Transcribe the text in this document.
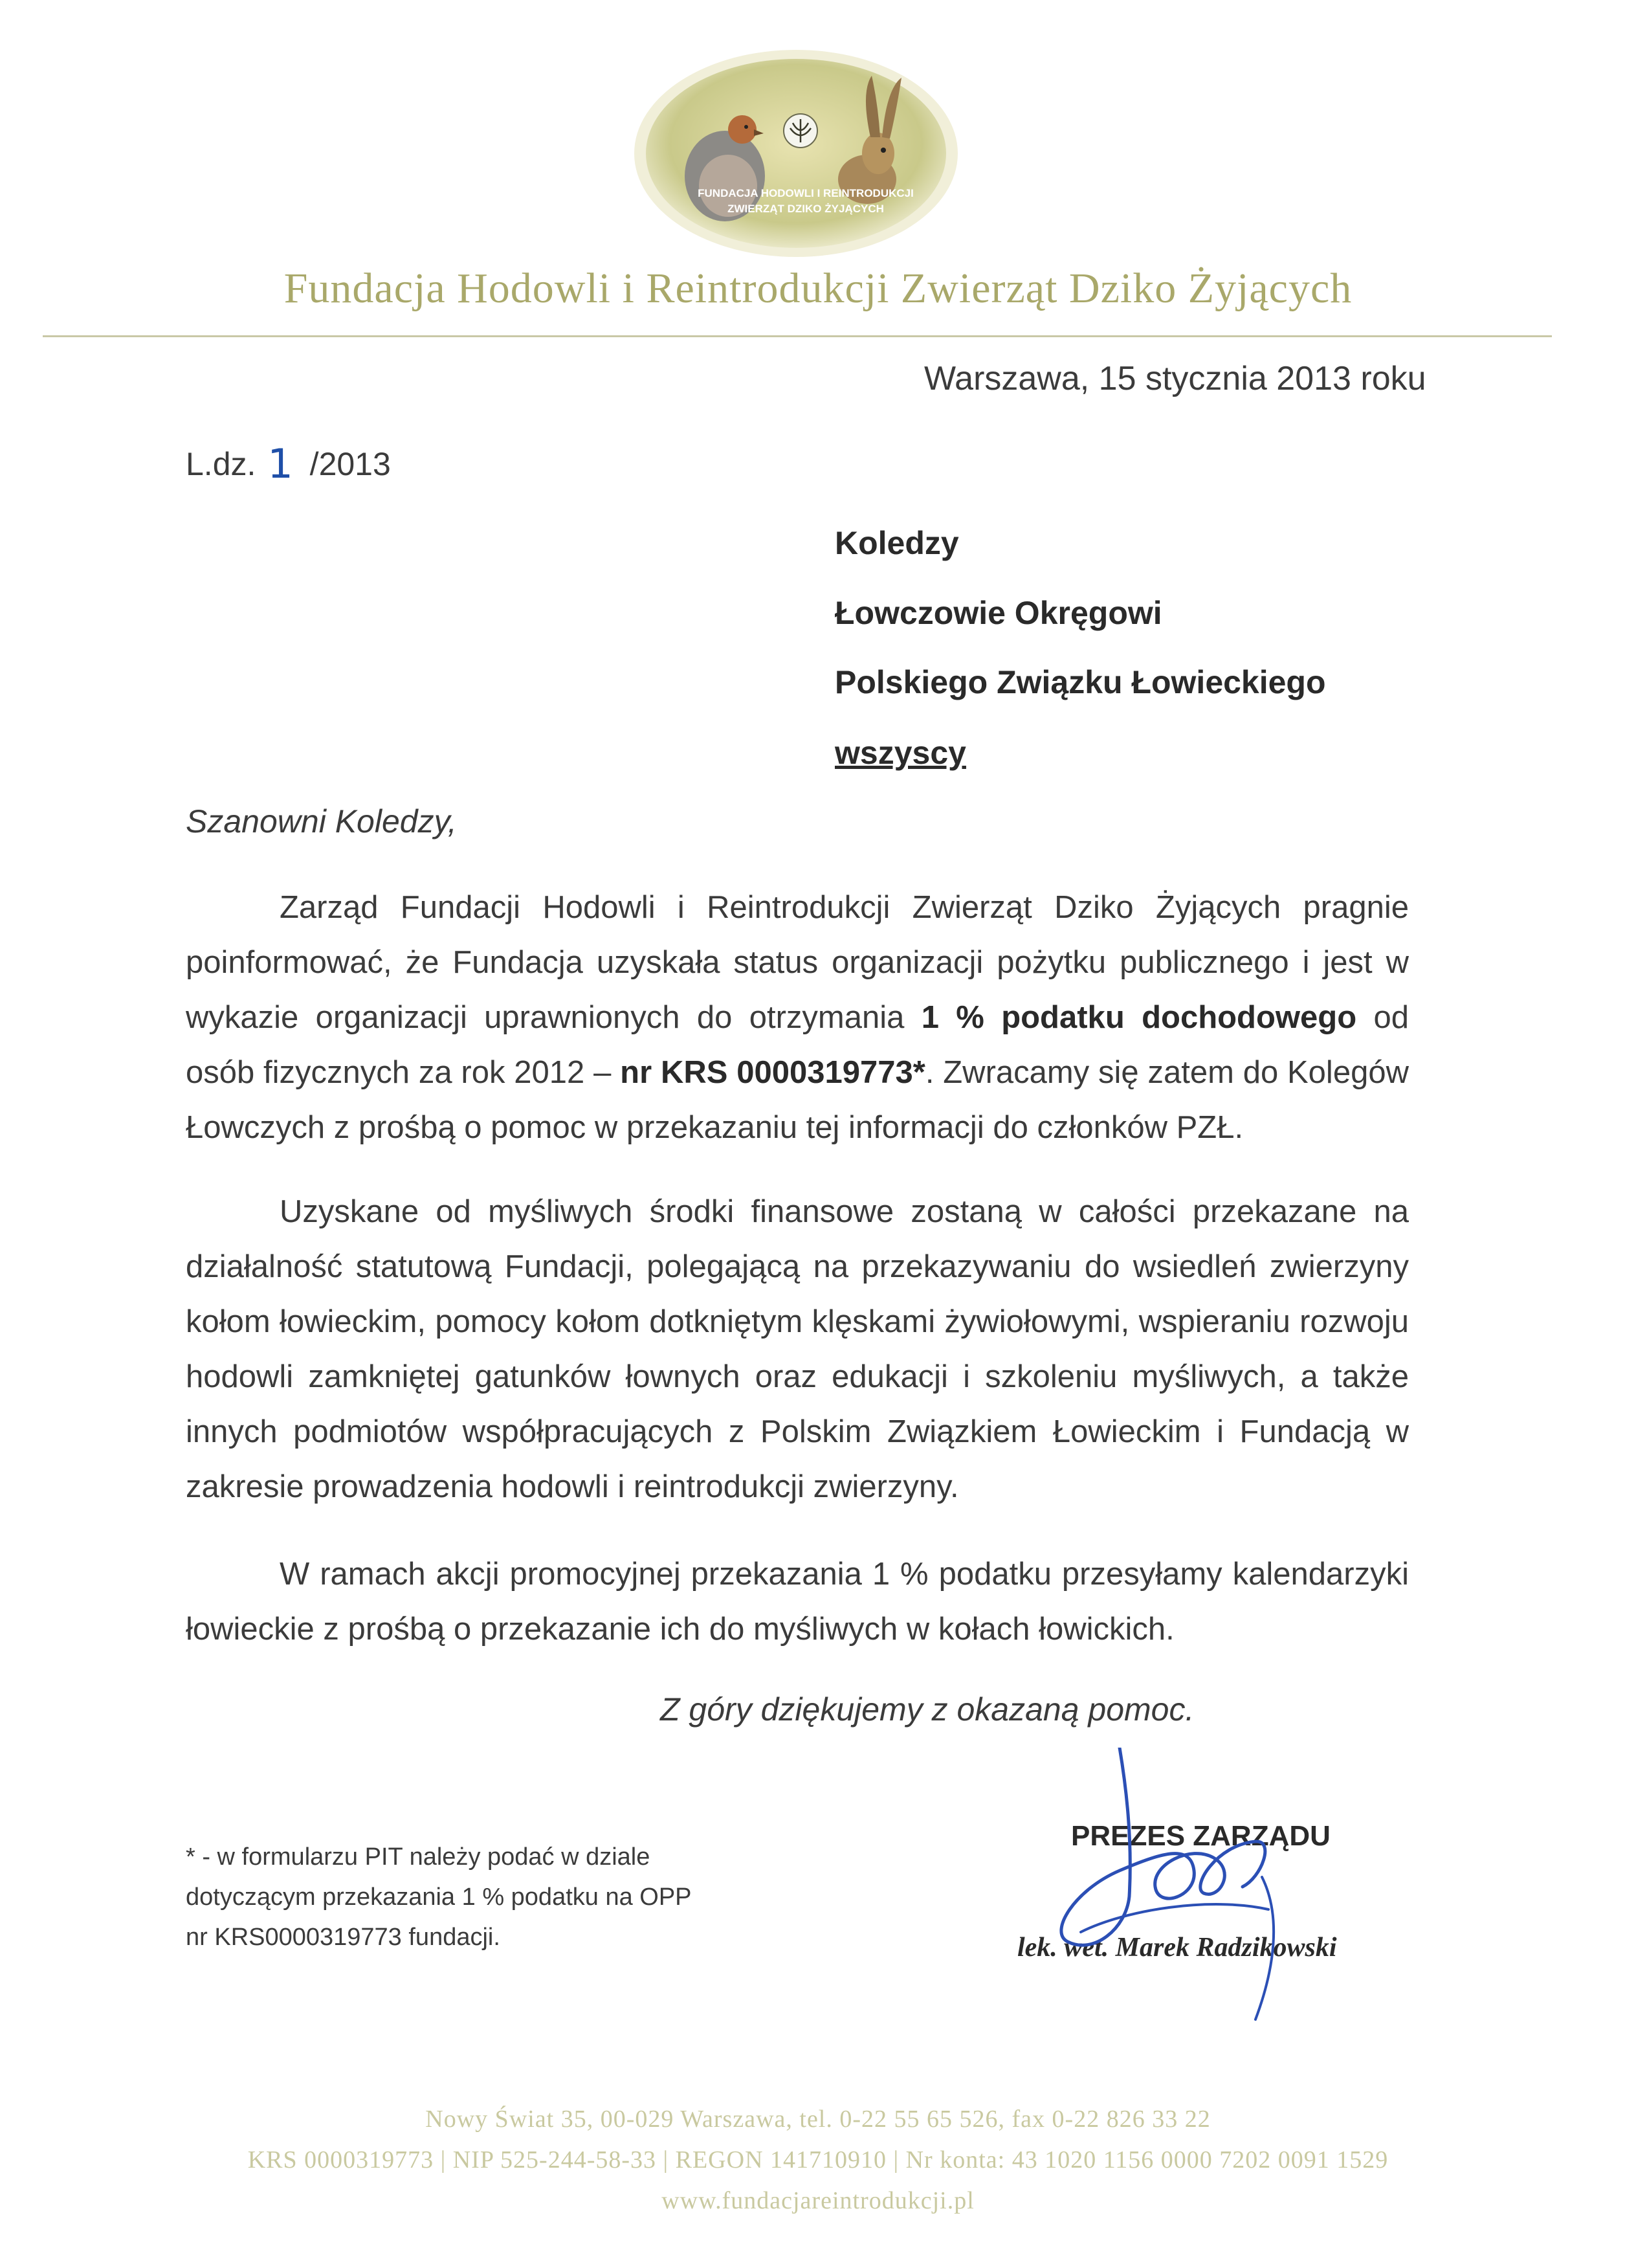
FUNDACJA HODOWLI I REINTRODUKCJI
ZWIERZĄT DZIKO ŻYJĄCYCH
Fundacja Hodowli i Reintrodukcji Zwierząt Dziko Żyjących
Warszawa, 15 stycznia 2013 roku
L.dz. 1 /2013
Koledzy
Łowczowie Okręgowi
Polskiego Związku Łowieckiego
wszyscy
Szanowni Koledzy,

Zarząd Fundacji Hodowli i Reintrodukcji Zwierząt Dziko Żyjących pragnie poinformować, że Fundacja uzyskała status organizacji pożytku publicznego i jest w wykazie organizacji uprawnionych do otrzymania 1 % podatku dochodowego od osób fizycznych za rok 2012 – nr KRS 0000319773*. Zwracamy się zatem do Kolegów Łowczych z prośbą o pomoc w przekazaniu tej informacji do członków PZŁ.

Uzyskane od myśliwych środki finansowe zostaną w całości przekazane na działalność statutową Fundacji, polegającą na przekazywaniu do wsiedleń zwierzyny kołom łowieckim, pomocy kołom dotkniętym klęskami żywiołowymi, wspieraniu rozwoju hodowli zamkniętej gatunków łownych oraz edukacji i szkoleniu myśliwych, a także innych podmiotów współpracujących z Polskim Związkiem Łowieckim i Fundacją w zakresie prowadzenia hodowli i reintrodukcji zwierzyny.

W ramach akcji promocyjnej przekazania 1 % podatku przesyłamy kalendarzyki łowieckie z prośbą o przekazanie ich do myśliwych w kołach łowickich.

Z góry dziękujemy z okazaną pomoc.

* - w formularzu PIT należy podać w dziale
dotyczącym przekazania 1 % podatku na OPP
nr KRS0000319773 fundacji.

PREZES ZARZĄDU
lek. wet. Marek Radzikowski
Nowy Świat 35, 00-029 Warszawa, tel. 0-22 55 65 526, fax 0-22 826 33 22
KRS 0000319773 | NIP 525-244-58-33 | REGON 141710910 | Nr konta: 43 1020 1156 0000 7202 0091 1529
www.fundacjareintrodukcji.pl
